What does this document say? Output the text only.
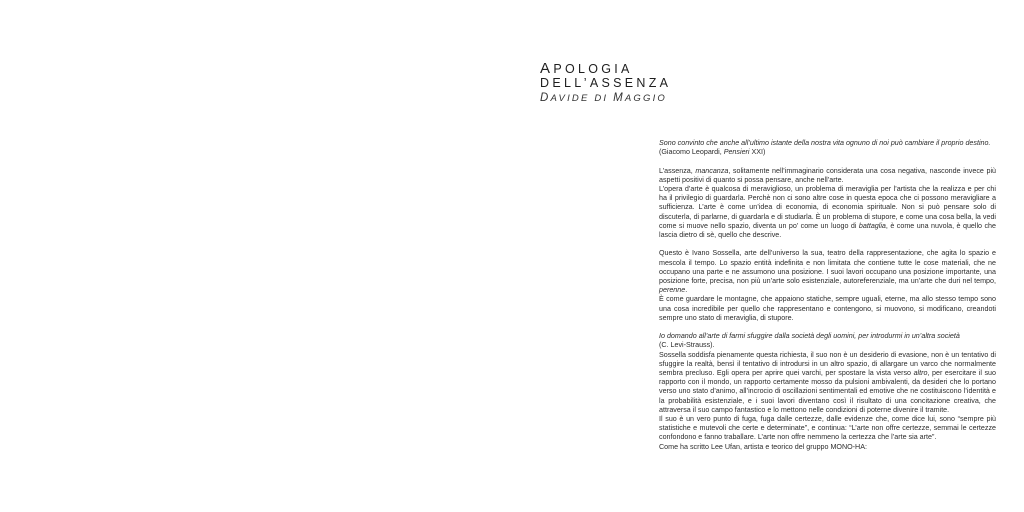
APOLOGIA
DELL’ASSENZA
DAVIDE DI MAGGIO

Sono convinto che anche all’ultimo istante della nostra vita ognuno di noi può cambiare il proprio destino.

(Giacomo Leopardi, Pensieri XXI)

L’assenza, mancanza, solitamente nell’immaginario considerata una cosa negativa, nasconde invece più aspetti positivi di quanto si possa pensare, anche nell’arte.

L’opera d’arte è qualcosa di meraviglioso, un problema di meraviglia per l’artista che la realizza e per chi ha il privilegio di guardarla. Perchè non ci sono altre cose in questa epoca che ci possono meravigliare a sufficienza. L’arte è come un’idea di economia, di economia spirituale. Non si può pensare solo di discuterla, di parlarne, di guardarla e di studiarla. È un problema di stupore, e come una cosa bella, la vedi come si muove nello spazio, diventa un po’ come un luogo di battaglia, è come una nuvola, è quello che lascia dietro di sè, quello che descrive.

Questo è Ivano Sossella, arte dell’universo la sua, teatro della rappresentazione, che agita lo spazio e mescola il tempo. Lo spazio entità indefinita e non limitata che contiene tutte le cose materiali, che ne occupano una parte e ne assumono una posizione. I suoi lavori occupano una posizione importante, una posizione forte, precisa, non più un’arte solo esistenziale, autoreferenziale, ma un’arte che duri nel tempo, perenne.

È come guardare le montagne, che appaiono statiche, sempre uguali, eterne, ma allo stesso tempo sono una cosa incredibile per quello che rappresentano e contengono, si muovono, si modificano, creandoti sempre uno stato di meraviglia, di stupore.

Io domando all’arte di farmi sfuggire dalla società degli uomini, per introdurmi in un’altra società

(C. Levi-Strauss).

Sossella soddisfa pienamente questa richiesta, il suo non è un desiderio di evasione, non è un tentativo di sfuggire la realtà, bensì il tentativo di introdursi in un altro spazio, di allargare un varco che normalmente sembra precluso. Egli opera per aprire quei varchi, per spostare la vista verso altro, per esercitare il suo rapporto con il mondo, un rapporto certamente mosso da pulsioni ambivalenti, da desideri che lo portano verso uno stato d’animo, all’incrocio di oscillazioni sentimentali ed emotive che ne costituiscono l’identità e la probabilità esistenziale, e i suoi lavori diventano così il risultato di una concitazione creativa, che attraversa il suo campo fantastico e lo mettono nelle condizioni di poterne divenire il tramite.

Il suo è un vero punto di fuga, fuga dalle certezze, dalle evidenze che, come dice lui, sono “sempre più statistiche e mutevoli che certe e determinate”, e continua: “L’arte non offre certezze, semmai le certezze confondono e fanno traballare. L’arte non offre nemmeno la certezza che l’arte sia arte”.

Come ha scritto Lee Ufan, artista e teorico del gruppo MONO-HA:
